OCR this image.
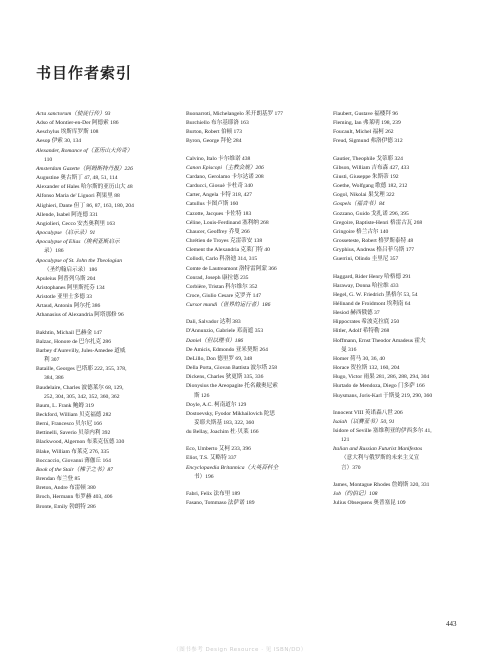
书目作者索引
Acta sanctorum（使徒行传）93
Adso of Montier-en-Der 阿德索 186
Aeschylus 埃斯库罗斯 108
Aesop 伊索 30, 134
Alexander, Romance of（亚历山大传奇）
110
Amsterdam Gazette（阿姆斯特丹报）226
Augustine 奥古斯丁 47, 48, 51, 114
Alexander of Hales 哈尔斯的亚历山大 48
Alfonso Maria de' Liguori 利果里 88
Alighieri, Dante 但丁 86, 87, 163, 180, 204
Allende, Isabel 阿连德 331
Angiolieri, Cecco 安杰奥利里 163
Apocalypse（启示录）91
Apocalypse of Elias（埃利亚斯启示
录）186
Apocalypse of St. John the Theologian
（圣约翰启示录）186
Apuleius 阿普列乌斯 204
Aristophanes 阿里斯托芬 134
Aristotle 亚里士多德 33
Artaud, Antonin 阿尔托 386
Athanasius of Alexandria 阿塔那修 96
Bakhtin, Michail 巴赫金 147
Balzac, Honore de 巴尔扎克 286
Barbey d'Aurevilly, Jules-Amedee 道威
利 307
Bataille, Georges 巴塔耶 222, 355, 378,
384, 386
Baudelaire, Charles 波德莱尔 68, 129,
252, 304, 305, 342, 352, 360, 362
Baum, L. Frank 鲍姆 319
Beckford, William 贝克福德 282
Berni, Francesco 贝尔尼 166
Bettinelli, Saverio 贝蒂内利 392
Blackwood, Algernon 布莱克伍德 330
Blake, William 布莱克 276, 335
Boccaccio, Giovanni 薄伽丘 164
Book of the Stair（梯子之书）87
Brendan 布兰登 85
Breton, Andre 布雷顿 380
Broch, Hermann 布罗赫 403, 406
Bronte, Emily 勃朗特 286
Buonarroti, Michelangelo 米开朗基罗 177
Burchiello 布尔基耶洛 163
Burton, Robert 伯顿 173
Byron, George 拜伦 284
Calvino, Italo 卡尔维诺 438
Canon Episcopi（主教会规）206
Cardano, Gerolamo 卡尔达诺 208
Carducci, Giosuè 卡杜奇 340
Carter, Angela 卡特 318, 427
Catullus 卡图卢斯 160
Cazotte, Jacques 卡佐特 183
Céline, Louis-Ferdinand 塞利纳 268
Chaucer, Geoffrey 乔叟 266
Chrétien de Troyes 克雷蒂安 138
Clement the Alexandria 克莱门特 40
Collodi, Carlo 科洛迪 314, 315
Comte de Lautreamont 洛特雷阿蒙 366
Conrad, Joseph 康拉德 235
Corbière, Tristan 科尔维尔 352
Croce, Giulio Cesare 克罗齐 147
Cursor mundi（世界的运行者）186
Dali, Salvador 达利 383
D'Annunzio, Gabriele 邓南遮 353
Daniel（但以理书）186
De Amicis, Edmondo 亚米契斯 264
DeLillo, Don 德里罗 69, 348
Della Porta, Giovan Battista 波尔塔 258
Dickens, Charles 狄更斯 335, 336
Dionysius the Areopagite 托名戴奥尼索
斯 126
Doyle, A.C. 柯南道尔 129
Dostoevsky, Fyodor Mikhailovich 陀思
妥耶夫斯基 183, 322, 360
du Bellay, Joachim 杜·贝莱 166
Eco, Umberto 艾柯 233, 396
Eliot, T.S. 艾略特 337
Encyclopaedia Britannica（大英百科全
书）196
Fabri, Felix 法布里 189
Fasano, Tommaso 法萨诺 189
Flaubert, Gustave 福楼拜 96
Fleming, Ian 弗莱明 198, 239
Foucault, Michel 福柯 262
Freud, Sigmund 弗洛伊德 312
Gautier, Theophile 戈蒂耶 324
Gibson, William 吉布森 427, 433
Giusti, Giuseppe 朱斯蒂 192
Goethe, Wolfgang 歌德 182, 212
Gogol, Nikolai 果戈理 322
Gospels（福音书）84
Gozzano, Guido 戈扎诺 296, 395
Gregoire, Baptiste-Henri 格雷古瓦 268
Gringoire 格兰古尔 140
Grosseteste, Robert 格罗斯泰特 48
Gryphius, Andreas 格吕菲乌斯 177
Guerrini, Olindo 圭里尼 357
Haggard, Rider Henry 哈格德 291
Haraway, Donna 哈拉维 433
Hegel, G. W. Friedrich 黑格尔 53, 54
Hélinand de Froidmont 埃利南 64
Hesiod 赫西俄德 37
Hippocrates 希波克拉底 250
Hitler, Adolf 希特勒 268
Hoffmann, Ernst Theodor Amadeus 霍夫
曼 316
Homer 荷马 30, 36, 40
Horace 贺拉斯 132, 160, 204
Hugo, Victor 雨果 281, 286, 288, 294, 304
Hurtado de Mendoza, Diego 门多萨 166
Huysmans, Joris-Karl 于斯曼 219, 290, 360
Innocent VIII 英诺森八世 206
Isaiah（以赛亚书）50, 91
Isidore of Seville 塞维利亚的伊西多尔 41,
121
Italian and Russian Futurist Manifestos
（意大利与俄罗斯的未来主义宣
言）370
James, Montague Rhodes 詹姆斯 320, 331
Job（约伯记）108
Julius Obsequens 奥普塞昆 109
443
（图书参考 Design Resource · 见 ISBN/DD）
